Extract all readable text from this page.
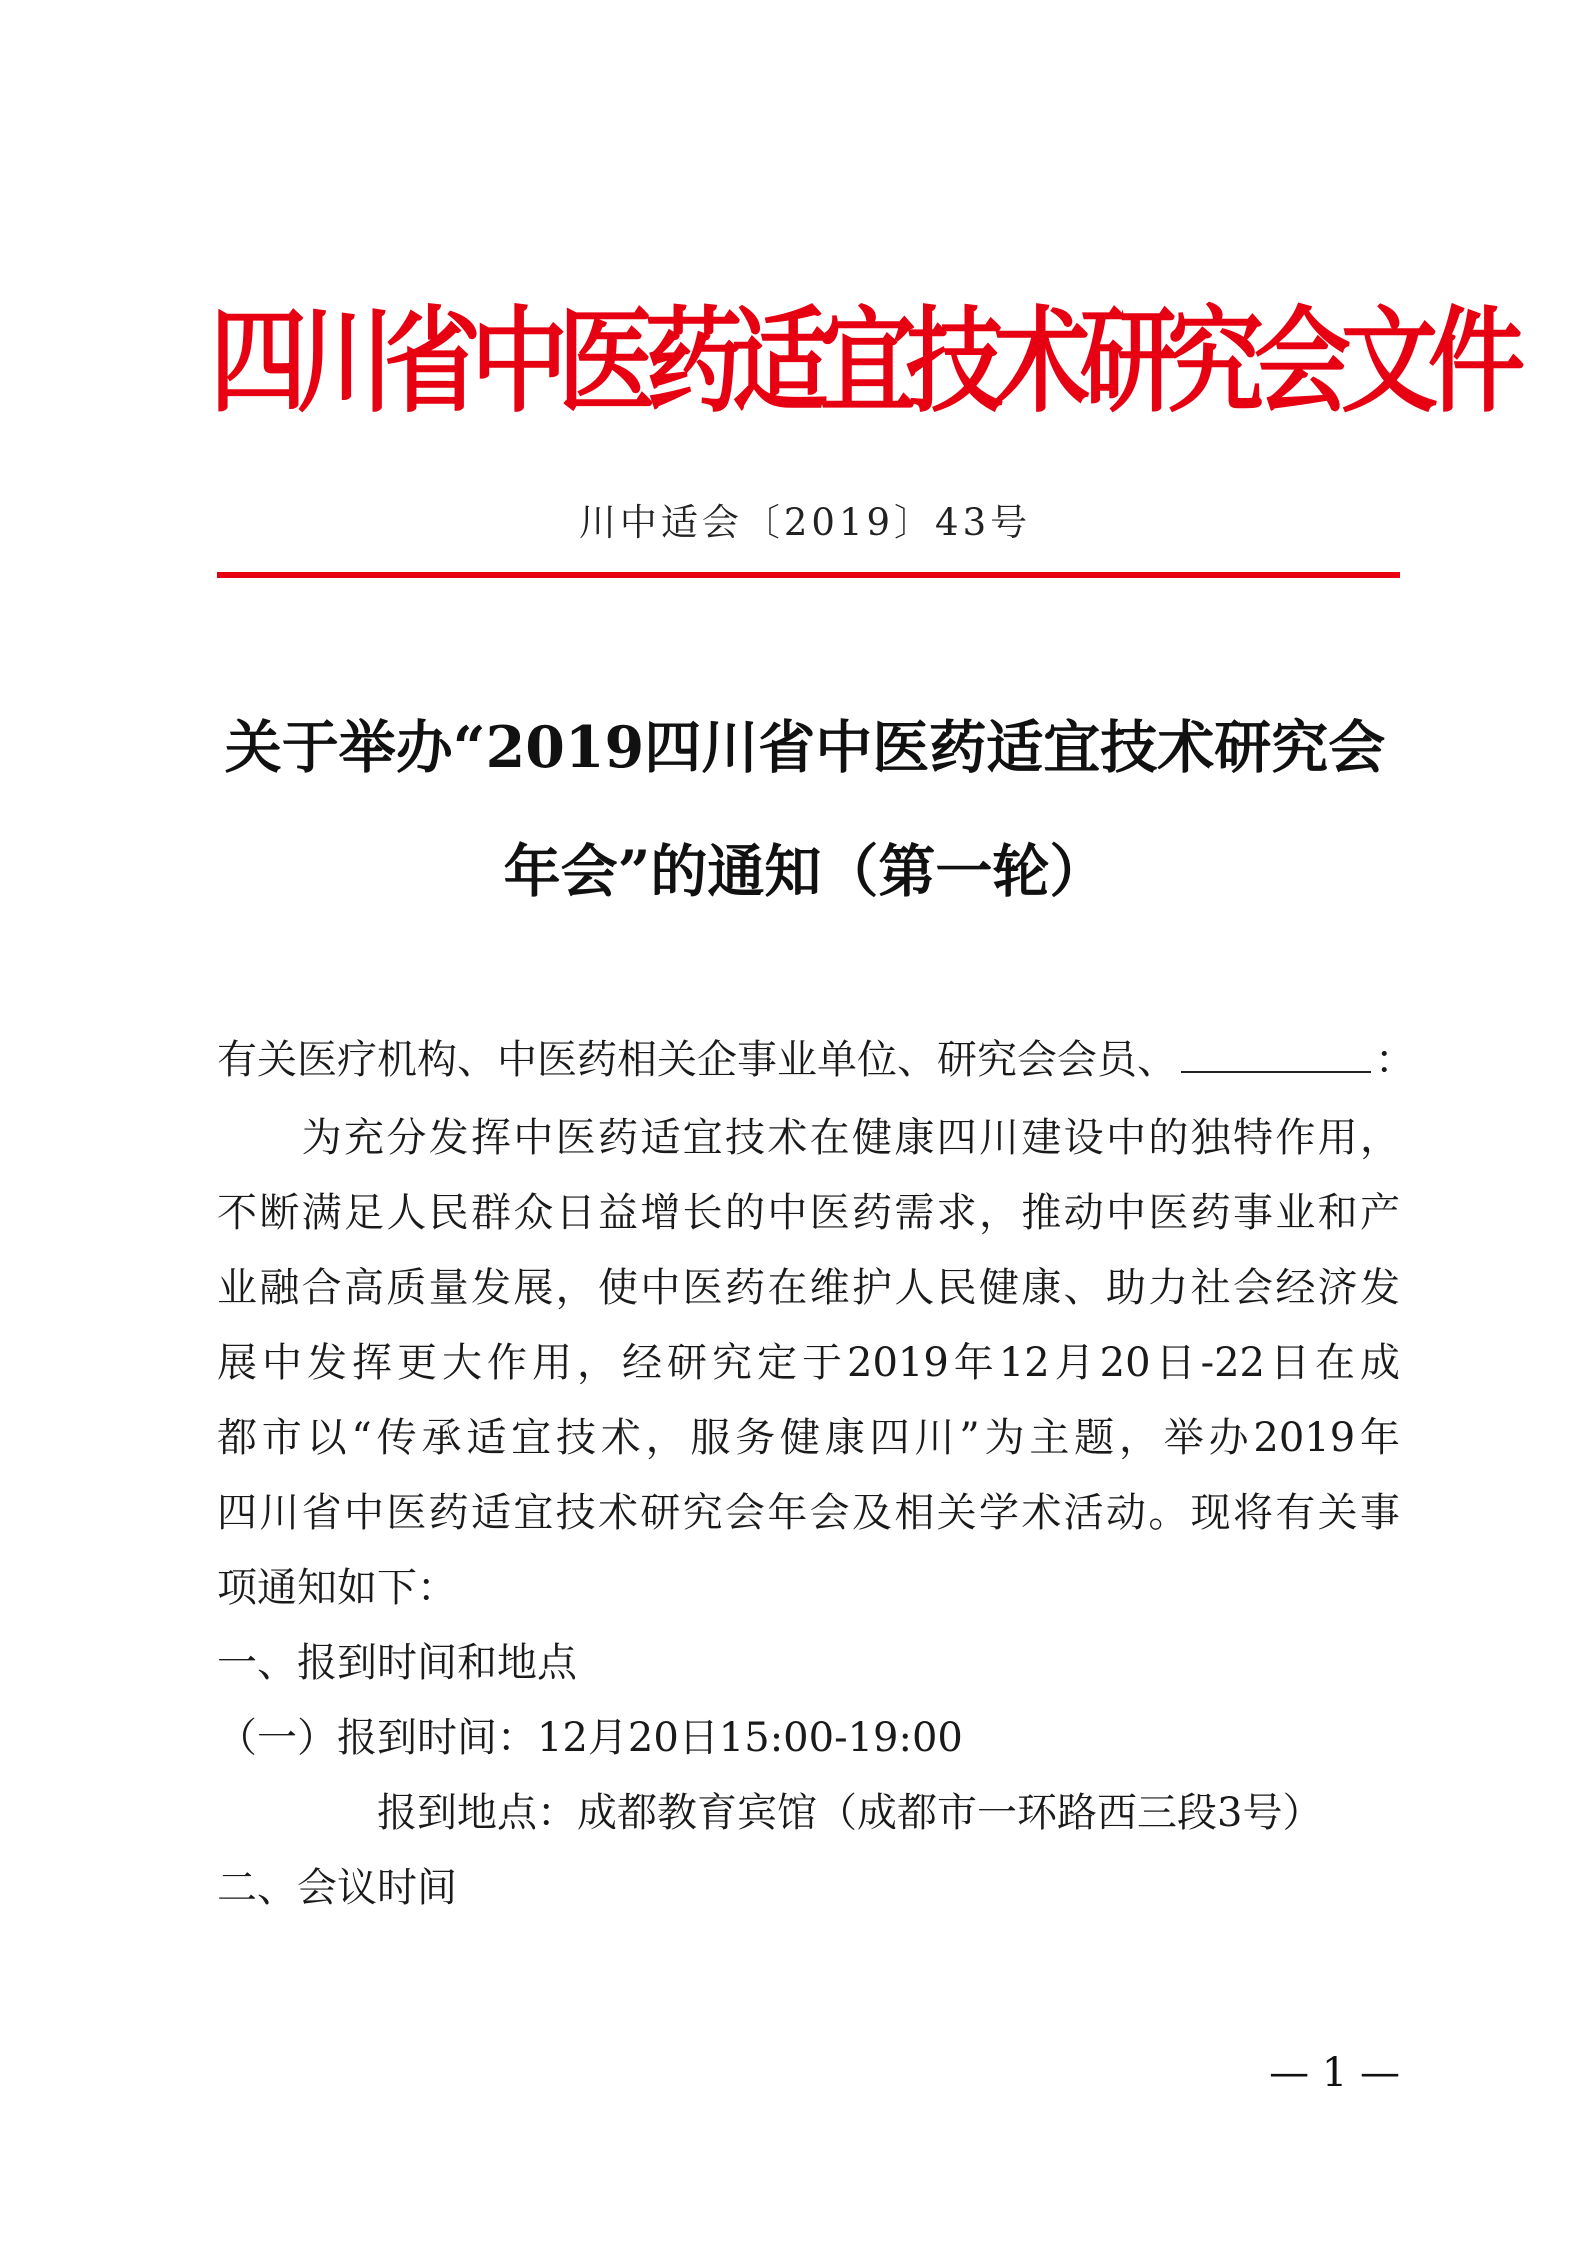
四川省中医药适宜技术研究会文件
川中适会〔2019〕43号
关于举办“2019四川省中医药适宜技术研究会
年会”的通知（第一轮）
有关医疗机构、中医药相关企事业单位、研究会会员、	：
　　为充分发挥中医药适宜技术在健康四川建设中的独特作用，
不断满足人民群众日益增长的中医药需求，推动中医药事业和产
业融合高质量发展，使中医药在维护人民健康、助力社会经济发
展中发挥更大作用，经研究定于2019年12月20日-22日在成
都市以“传承适宜技术，服务健康四川”为主题，举办2019年
四川省中医药适宜技术研究会年会及相关学术活动。现将有关事
项通知如下：
一、报到时间和地点
（一）报到时间：12月20日15:00-19:00
　　　　报到地点：成都教育宾馆（成都市一环路西三段3号）
二、会议时间
— 1 —
